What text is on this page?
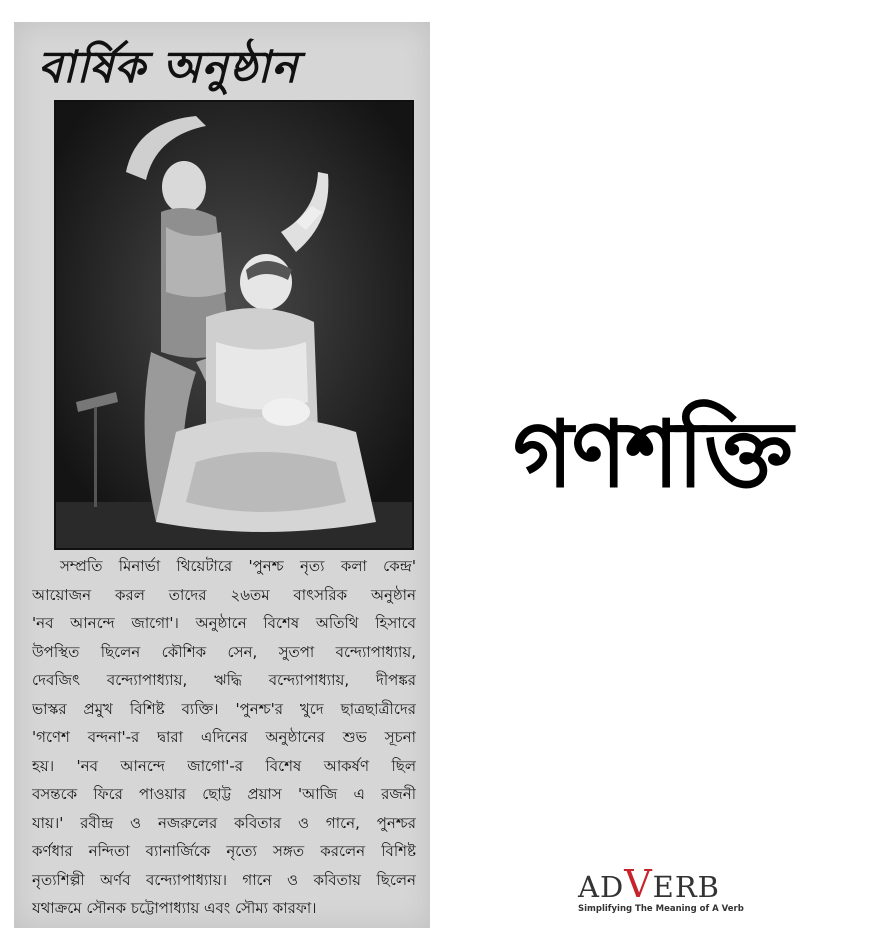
বার্ষিক অনুষ্ঠান
সম্প্রতি মিনার্ভা থিয়েটারে 'পুনশ্চ নৃত্য কলা কেন্দ্র'
আয়োজন করল তাদের ২৬তম বাৎসরিক অনুষ্ঠান
'নব আনন্দে জাগো'। অনুষ্ঠানে বিশেষ অতিথি হিসাবে
উপস্থিত ছিলেন কৌশিক সেন, সুতপা বন্দ্যোপাধ্যায়,
দেবজিৎ বন্দ্যোপাধ্যায়, ঋদ্ধি বন্দ্যোপাধ্যায়, দীপঙ্কর
ভাস্কর প্রমুখ বিশিষ্ট ব্যক্তি। 'পুনশ্চ'র খুদে ছাত্রছাত্রীদের
'গণেশ বন্দনা'-র দ্বারা এদিনের অনুষ্ঠানের শুভ সূচনা
হয়। 'নব আনন্দে জাগো'-র বিশেষ আকর্ষণ ছিল
বসন্তকে ফিরে পাওয়ার ছোট্ট প্রয়াস 'আজি এ রজনী
যায়।' রবীন্দ্র ও নজরুলের কবিতার ও গানে, পুনশ্চর
কর্ণধার নন্দিতা ব্যানার্জিকে নৃত্যে সঙ্গত করলেন বিশিষ্ট
নৃত্যশিল্পী অর্ণব বন্দ্যোপাধ্যায়। গানে ও কবিতায় ছিলেন
যথাক্রমে সৌনক চট্টোপাধ্যায় এবং সৌম্য কারফা।
গণশক্তি
ADVERB
Simplifying The Meaning of A Verb
